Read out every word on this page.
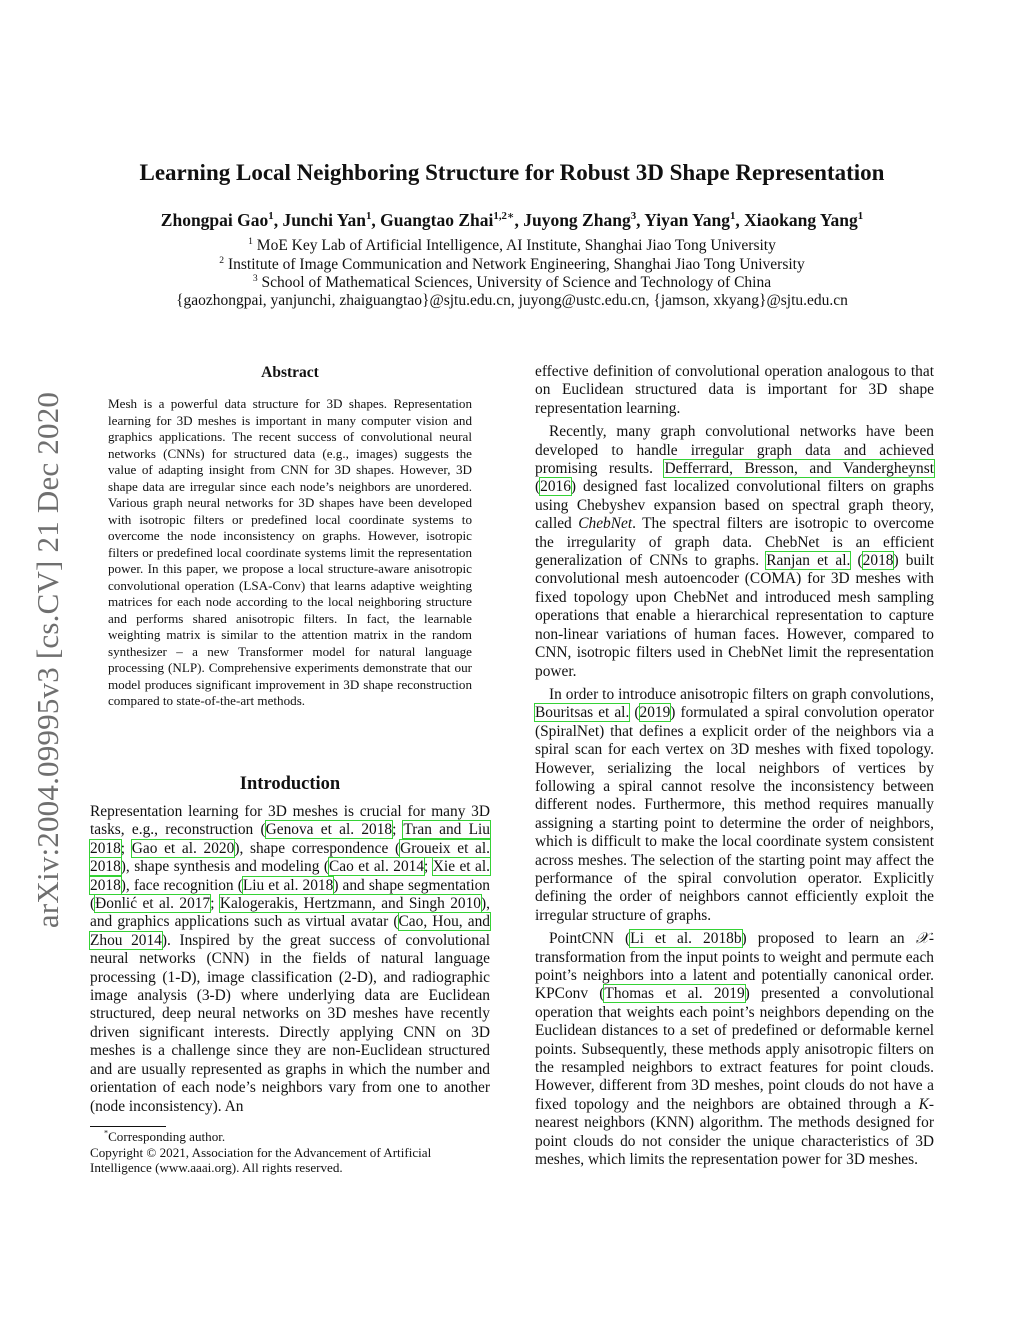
arXiv:2004.09995v3 [cs.CV] 21 Dec 2020
Learning Local Neighboring Structure for Robust 3D Shape Representation
Zhongpai Gao$^1$, Junchi Yan$^1$, Guangtao Zhai$^{1,2∗}$, Juyong Zhang$^3$, Yiyan Yang$^1$, Xiaokang Yang$^1$
$^1$ MoE Key Lab of Artificial Intelligence, AI Institute, Shanghai Jiao Tong University
$^2$ Institute of Image Communication and Network Engineering, Shanghai Jiao Tong University
$^3$ School of Mathematical Sciences, University of Science and Technology of China
{gaozhongpai, yanjunchi, zhaiguangtao}@sjtu.edu.cn, juyong@ustc.edu.cn, {jamson, xkyang}@sjtu.edu.cn
Abstract
Mesh is a powerful data structure for 3D shapes. Representation learning for 3D meshes is important in many computer vision and graphics applications. The recent success of convolutional neural networks (CNNs) for structured data (e.g., images) suggests the value of adapting insight from CNN for 3D shapes. However, 3D shape data are irregular since each node’s neighbors are unordered. Various graph neural networks for 3D shapes have been developed with isotropic filters or predefined local coordinate systems to overcome the node inconsistency on graphs. However, isotropic filters or predefined local coordinate systems limit the representation power. In this paper, we propose a local structure-aware anisotropic convolutional operation (LSA-Conv) that learns adaptive weighting matrices for each node according to the local neighboring structure and performs shared anisotropic filters. In fact, the learnable weighting matrix is similar to the attention matrix in the random synthesizer – a new Transformer model for natural language processing (NLP). Comprehensive experiments demonstrate that our model produces significant improvement in 3D shape reconstruction compared to state-of-the-art methods.
Introduction

Representation learning for 3D meshes is crucial for many 3D tasks, e.g., reconstruction (Genova et al. 2018; Tran and Liu 2018; Gao et al. 2020), shape correspondence (Groueix et al. 2018), shape synthesis and modeling (Cao et al. 2014; Xie et al. 2018), face recognition (Liu et al. 2018) and shape segmentation (Ðonlić et al. 2017; Kalogerakis, Hertzmann, and Singh 2010), and graphics applications such as virtual avatar (Cao, Hou, and Zhou 2014). Inspired by the great success of convolutional neural networks (CNN) in the fields of natural language processing (1-D), image classification (2-D), and radiographic image analysis (3-D) where underlying data are Euclidean structured, deep neural networks on 3D meshes have recently driven significant interests. Directly applying CNN on 3D meshes is a challenge since they are non-Euclidean structured and are usually represented as graphs in which the number and orientation of each node’s neighbors vary from one to another (node inconsistency). An

*Corresponding author.
Copyright © 2021, Association for the Advancement of Artificial Intelligence (www.aaai.org). All rights reserved.

effective definition of convolutional operation analogous to that on Euclidean structured data is important for 3D shape representation learning.

Recently, many graph convolutional networks have been developed to handle irregular graph data and achieved promising results. Defferrard, Bresson, and Vandergheynst (2016) designed fast localized convolutional filters on graphs using Chebyshev expansion based on spectral graph theory, called ChebNet. The spectral filters are isotropic to overcome the irregularity of graph data. ChebNet is an efficient generalization of CNNs to graphs. Ranjan et al. (2018) built convolutional mesh autoencoder (COMA) for 3D meshes with fixed topology upon ChebNet and introduced mesh sampling operations that enable a hierarchical representation to capture non-linear variations of human faces. However, compared to CNN, isotropic filters used in ChebNet limit the representation power.

In order to introduce anisotropic filters on graph convolutions, Bouritsas et al. (2019) formulated a spiral convolution operator (SpiralNet) that defines a explicit order of the neighbors via a spiral scan for each vertex on 3D meshes with fixed topology. However, serializing the local neighbors of vertices by following a spiral cannot resolve the inconsistency between different nodes. Furthermore, this method requires manually assigning a starting point to determine the order of neighbors, which is difficult to make the local coordinate system consistent across meshes. The selection of the starting point may affect the performance of the spiral convolution operator. Explicitly defining the order of neighbors cannot efficiently exploit the irregular structure of graphs.

PointCNN (Li et al. 2018b) proposed to learn an 𝒳-transformation from the input points to weight and permute each point’s neighbors into a latent and potentially canonical order. KPConv (Thomas et al. 2019) presented a convolutional operation that weights each point’s neighbors depending on the Euclidean distances to a set of predefined or deformable kernel points. Subsequently, these methods apply anisotropic filters on the resampled neighbors to extract features for point clouds. However, different from 3D meshes, point clouds do not have a fixed topology and the neighbors are obtained through a K-nearest neighbors (KNN) algorithm. The methods designed for point clouds do not consider the unique characteristics of 3D meshes, which limits the representation power for 3D meshes.
